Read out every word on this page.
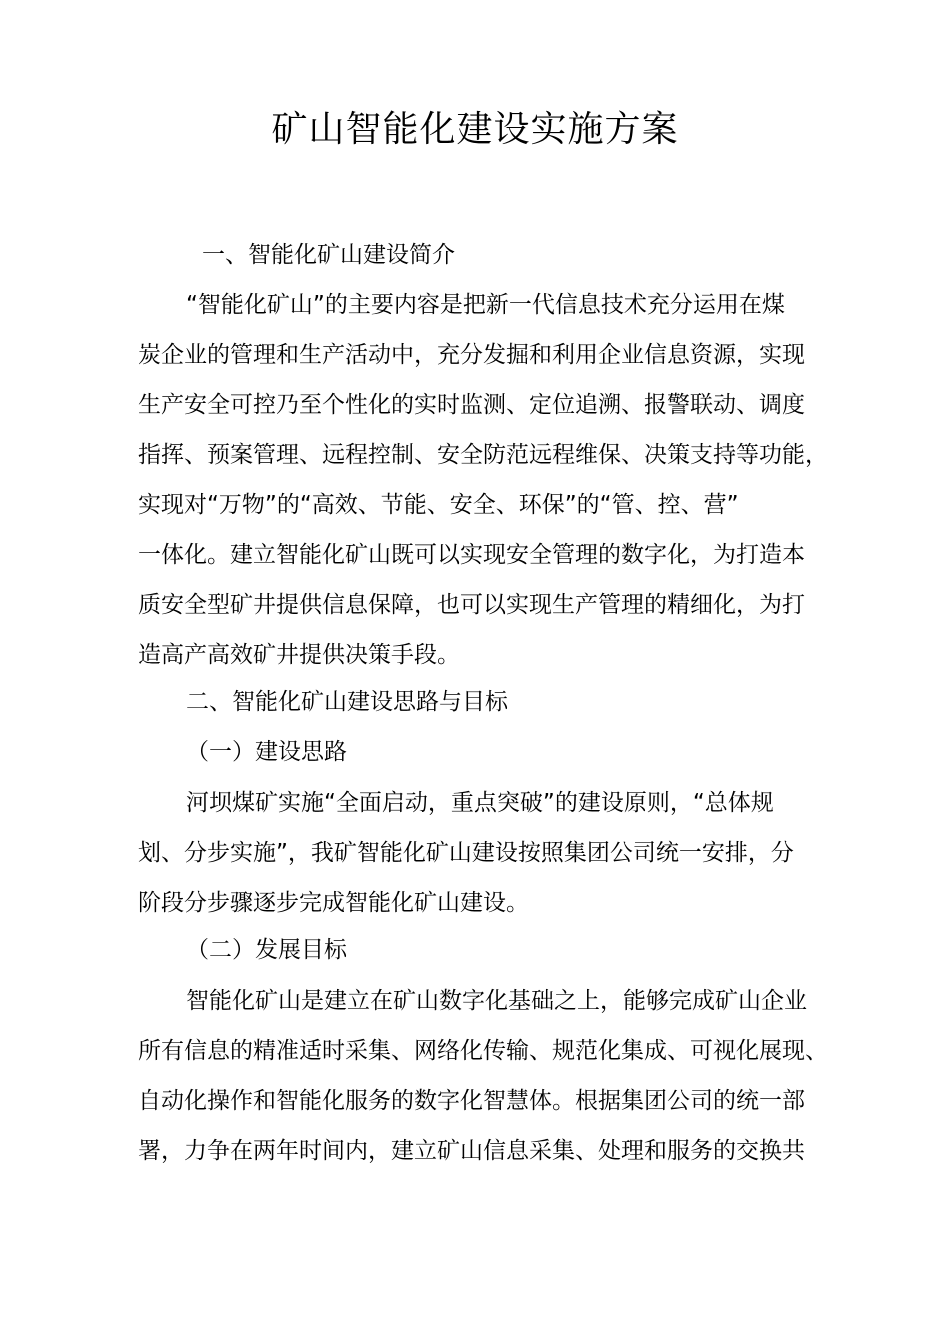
矿山智能化建设实施方案

一、智能化矿山建设简介

“智能化矿山”的主要内容是把新一代信息技术充分运用在煤

炭企业的管理和生产活动中，充分发掘和利用企业信息资源，实现

生产安全可控乃至个性化的实时监测、定位追溯、报警联动、调度

指挥、预案管理、远程控制、安全防范远程维保、决策支持等功能，

实现对“万物”的“高效、节能、安全、环保”的“管、控、营”

一体化。建立智能化矿山既可以实现安全管理的数字化，为打造本

质安全型矿井提供信息保障，也可以实现生产管理的精细化，为打

造高产高效矿井提供决策手段。

二、智能化矿山建设思路与目标

（一）建设思路

河坝煤矿实施“全面启动，重点突破”的建设原则，“总体规

划、分步实施”，我矿智能化矿山建设按照集团公司统一安排，分

阶段分步骤逐步完成智能化矿山建设。

（二）发展目标

智能化矿山是建立在矿山数字化基础之上，能够完成矿山企业

所有信息的精准适时采集、网络化传输、规范化集成、可视化展现、

自动化操作和智能化服务的数字化智慧体。根据集团公司的统一部

署，力争在两年时间内，建立矿山信息采集、处理和服务的交换共
